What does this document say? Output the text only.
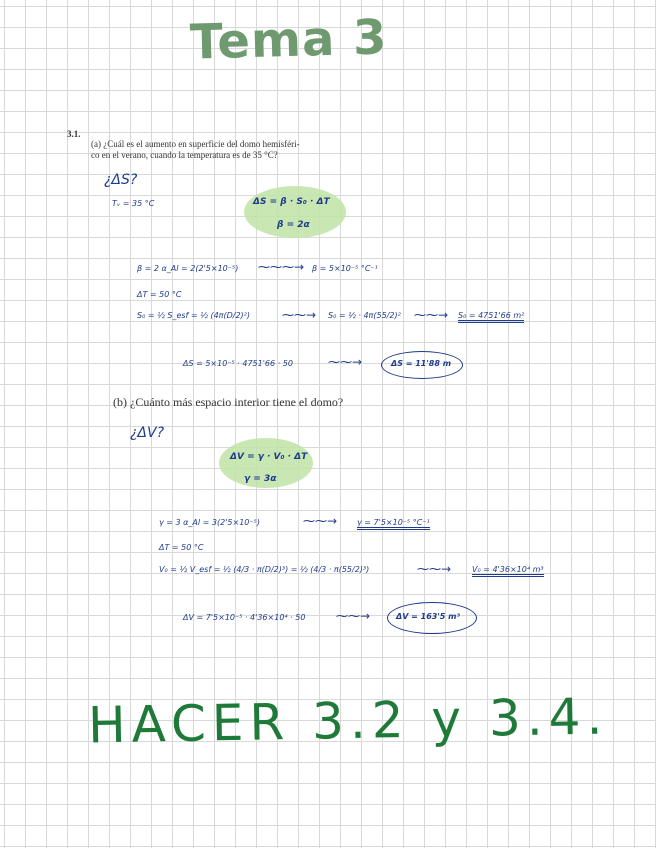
Tema 3
3.1.
(a) ¿Cuál es el aumento en superficie del domo hemisféri-
co en el verano, cuando la temperatura es de 35 °C?
¿ΔS?
Tᵥ = 35 °C	ΔS = β · S₀ · ΔT
β = 2α
β = 2 α_Al = 2(2'5×10⁻⁵) ⁓⁓⁓→ β = 5×10⁻⁵ °C⁻¹
ΔT = 50 °C
S₀ = ½ S_esf = ½ (4π(D/2)²)	⁓⁓→ S₀ = ½ · 4π(55/2)² ⁓⁓→ S₀ = 4751'66 m²
ΔS = 5×10⁻⁵ · 4751'66 · 50	⁓⁓→	ΔS = 11'88 m
(b) ¿Cuánto más espacio interior tiene el domo?
¿ΔV?
ΔV = γ · V₀ · ΔT
γ = 3α
γ = 3 α_Al = 3(2'5×10⁻⁵)	⁓⁓→ γ = 7'5×10⁻⁵ °C⁻¹
ΔT = 50 °C
V₀ = ½ V_esf = ½ (4/3 · π(D/2)³) = ½ (4/3 · π(55/2)³)	⁓⁓→	V₀ = 4'36×10⁴ m³
ΔV = 7'5×10⁻⁵ · 4'36×10⁴ · 50	⁓⁓→	ΔV = 163'5 m³
HACER 3.2 y 3.4.
